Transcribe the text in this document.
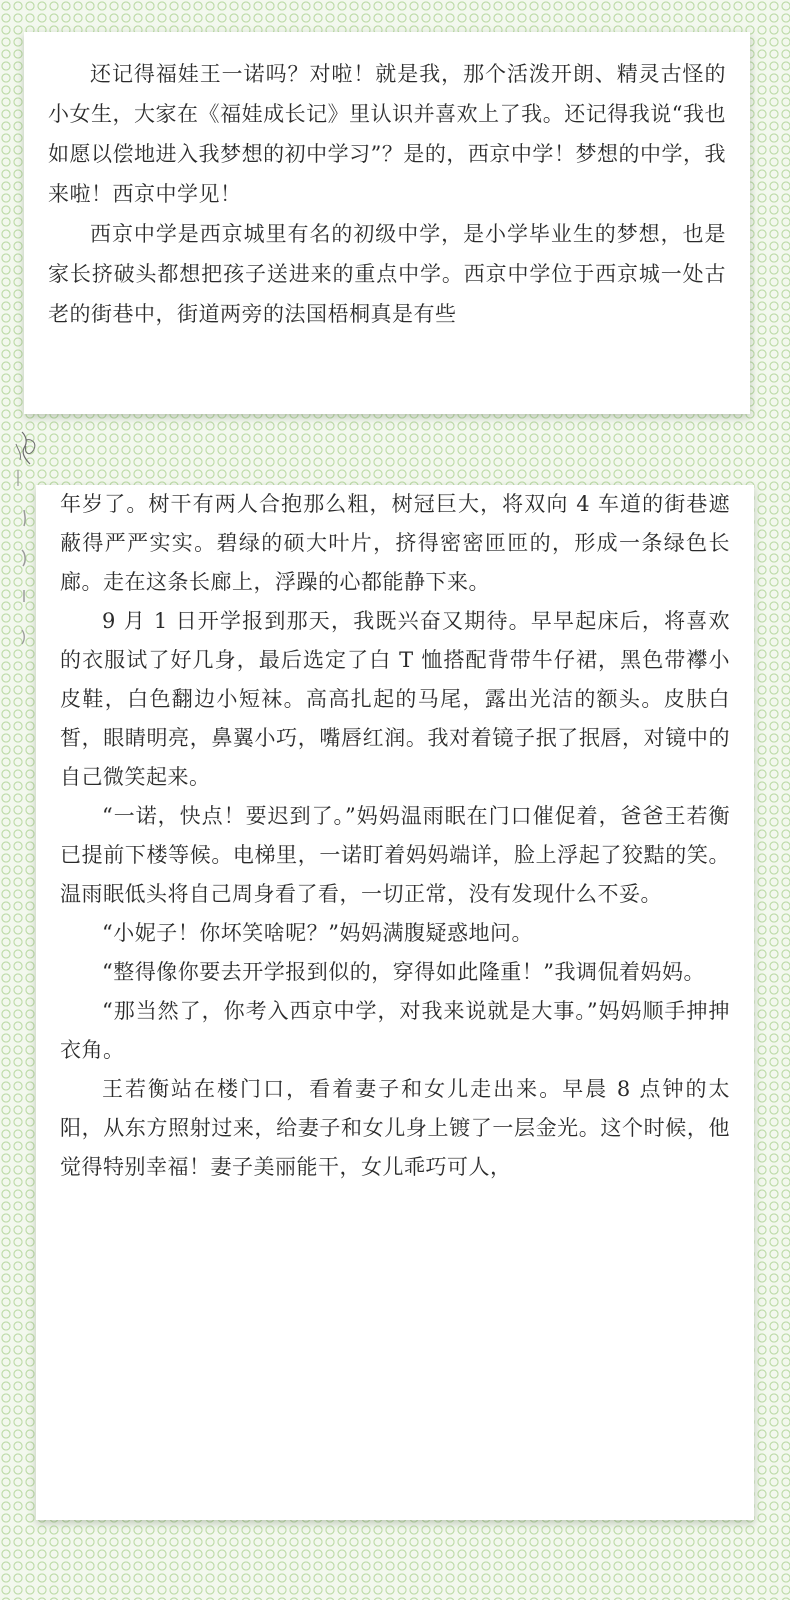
还记得福娃王一诺吗？对啦！就是我，那个活泼开朗、精灵古怪的小女生，大家在《福娃成长记》里认识并喜欢上了我。还记得我说“我也如愿以偿地进入我梦想的初中学习”？是的，西京中学！梦想的中学，我来啦！西京中学见！

西京中学是西京城里有名的初级中学，是小学毕业生的梦想，也是家长挤破头都想把孩子送进来的重点中学。西京中学位于西京城一处古老的街巷中，街道两旁的法国梧桐真是有些

年岁了。树干有两人合抱那么粗，树冠巨大，将双向 4 车道的街巷遮蔽得严严实实。碧绿的硕大叶片，挤得密密匝匝的，形成一条绿色长廊。走在这条长廊上，浮躁的心都能静下来。

9 月 1 日开学报到那天，我既兴奋又期待。早早起床后，将喜欢的衣服试了好几身，最后选定了白 T 恤搭配背带牛仔裙，黑色带襻小皮鞋，白色翻边小短袜。高高扎起的马尾，露出光洁的额头。皮肤白皙，眼睛明亮，鼻翼小巧，嘴唇红润。我对着镜子抿了抿唇，对镜中的自己微笑起来。

“一诺，快点！要迟到了。”妈妈温雨眠在门口催促着，爸爸王若衡已提前下楼等候。电梯里，一诺盯着妈妈端详，脸上浮起了狡黠的笑。温雨眠低头将自己周身看了看，一切正常，没有发现什么不妥。

“小妮子！你坏笑啥呢？”妈妈满腹疑惑地问。

“整得像你要去开学报到似的，穿得如此隆重！”我调侃着妈妈。

“那当然了，你考入西京中学，对我来说就是大事。”妈妈顺手抻抻衣角。

王若衡站在楼门口，看着妻子和女儿走出来。早晨 8 点钟的太阳，从东方照射过来，给妻子和女儿身上镀了一层金光。这个时候，他觉得特别幸福！妻子美丽能干，女儿乖巧可人，
